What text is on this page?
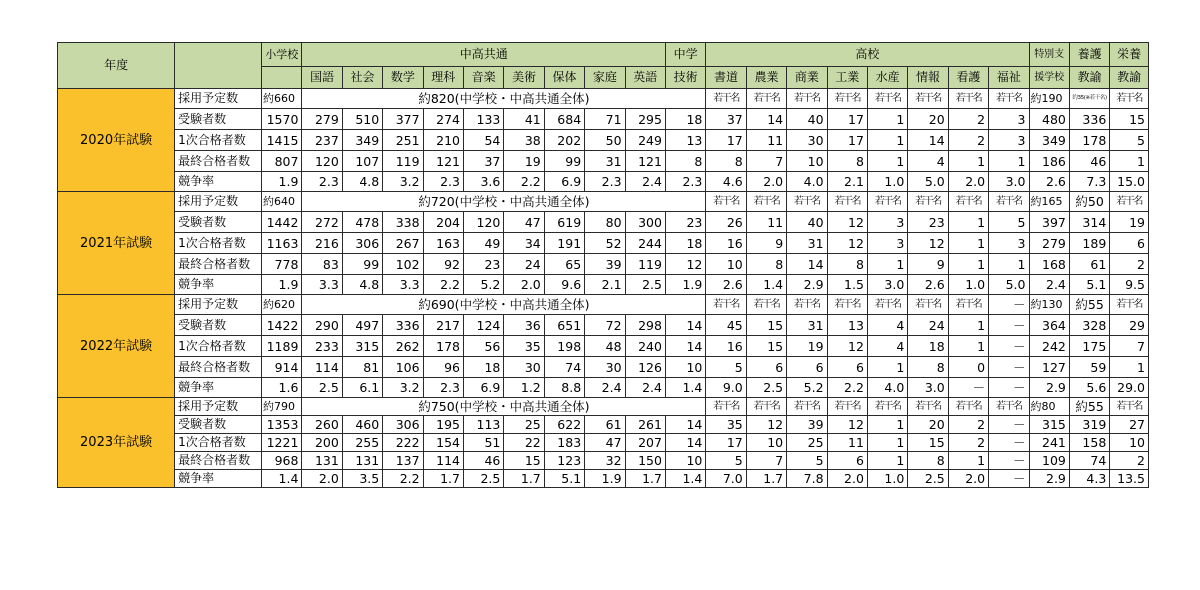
年度		小学校	中高共通									中学	高校								特別支	養護	栄養
			国語	社会	数学	理科	音楽	美術	保体	家庭	英語	技術	書道	農業	商業	工業	水産	情報	看護	福祉	援学校	教諭	教諭
2020年試験	採用予定数	約660	約820(中学校・中高共通全体)										若干名	若干名	若干名	若干名	若干名	若干名	若干名	若干名	約190	約35(※若干名)	若干名
	受験者数	1570	279	510	377	274	133	41	684	71	295	18	37	14	40	17	1	20	2	3	480	336	15
	1次合格者数	1415	237	349	251	210	54	38	202	50	249	13	17	11	30	17	1	14	2	3	349	178	5
	最終合格者数	807	120	107	119	121	37	19	99	31	121	8	8	7	10	8	1	4	1	1	186	46	1
	競争率	1.9	2.3	4.8	3.2	2.3	3.6	2.2	6.9	2.3	2.4	2.3	4.6	2.0	4.0	2.1	1.0	5.0	2.0	3.0	2.6	7.3	15.0
2021年試験	採用予定数	約640	約720(中学校・中高共通全体)										若干名	若干名	若干名	若干名	若干名	若干名	若干名	若干名	約165	約50	若干名
	受験者数	1442	272	478	338	204	120	47	619	80	300	23	26	11	40	12	3	23	1	5	397	314	19
	1次合格者数	1163	216	306	267	163	49	34	191	52	244	18	16	9	31	12	3	12	1	3	279	189	6
	最終合格者数	778	83	99	102	92	23	24	65	39	119	12	10	8	14	8	1	9	1	1	168	61	2
	競争率	1.9	3.3	4.8	3.3	2.2	5.2	2.0	9.6	2.1	2.5	1.9	2.6	1.4	2.9	1.5	3.0	2.6	1.0	5.0	2.4	5.1	9.5
2022年試験	採用予定数	約620	約690(中学校・中高共通全体)										若干名	若干名	若干名	若干名	若干名	若干名	若干名	－	約130	約55	若干名
	受験者数	1422	290	497	336	217	124	36	651	72	298	14	45	15	31	13	4	24	1	－	364	328	29
	1次合格者数	1189	233	315	262	178	56	35	198	48	240	14	16	15	19	12	4	18	1	－	242	175	7
	最終合格者数	914	114	81	106	96	18	30	74	30	126	10	5	6	6	6	1	8	0	－	127	59	1
	競争率	1.6	2.5	6.1	3.2	2.3	6.9	1.2	8.8	2.4	2.4	1.4	9.0	2.5	5.2	2.2	4.0	3.0	－	－	2.9	5.6	29.0
2023年試験	採用予定数	約790	約750(中学校・中高共通全体)										若干名	若干名	若干名	若干名	若干名	若干名	若干名	若干名	約80	約55	若干名
	受験者数	1353	260	460	306	195	113	25	622	61	261	14	35	12	39	12	1	20	2	－	315	319	27
	1次合格者数	1221	200	255	222	154	51	22	183	47	207	14	17	10	25	11	1	15	2	－	241	158	10
	最終合格者数	968	131	131	137	114	46	15	123	32	150	10	5	7	5	6	1	8	1	－	109	74	2
	競争率	1.4	2.0	3.5	2.2	1.7	2.5	1.7	5.1	1.9	1.7	1.4	7.0	1.7	7.8	2.0	1.0	2.5	2.0	－	2.9	4.3	13.5
